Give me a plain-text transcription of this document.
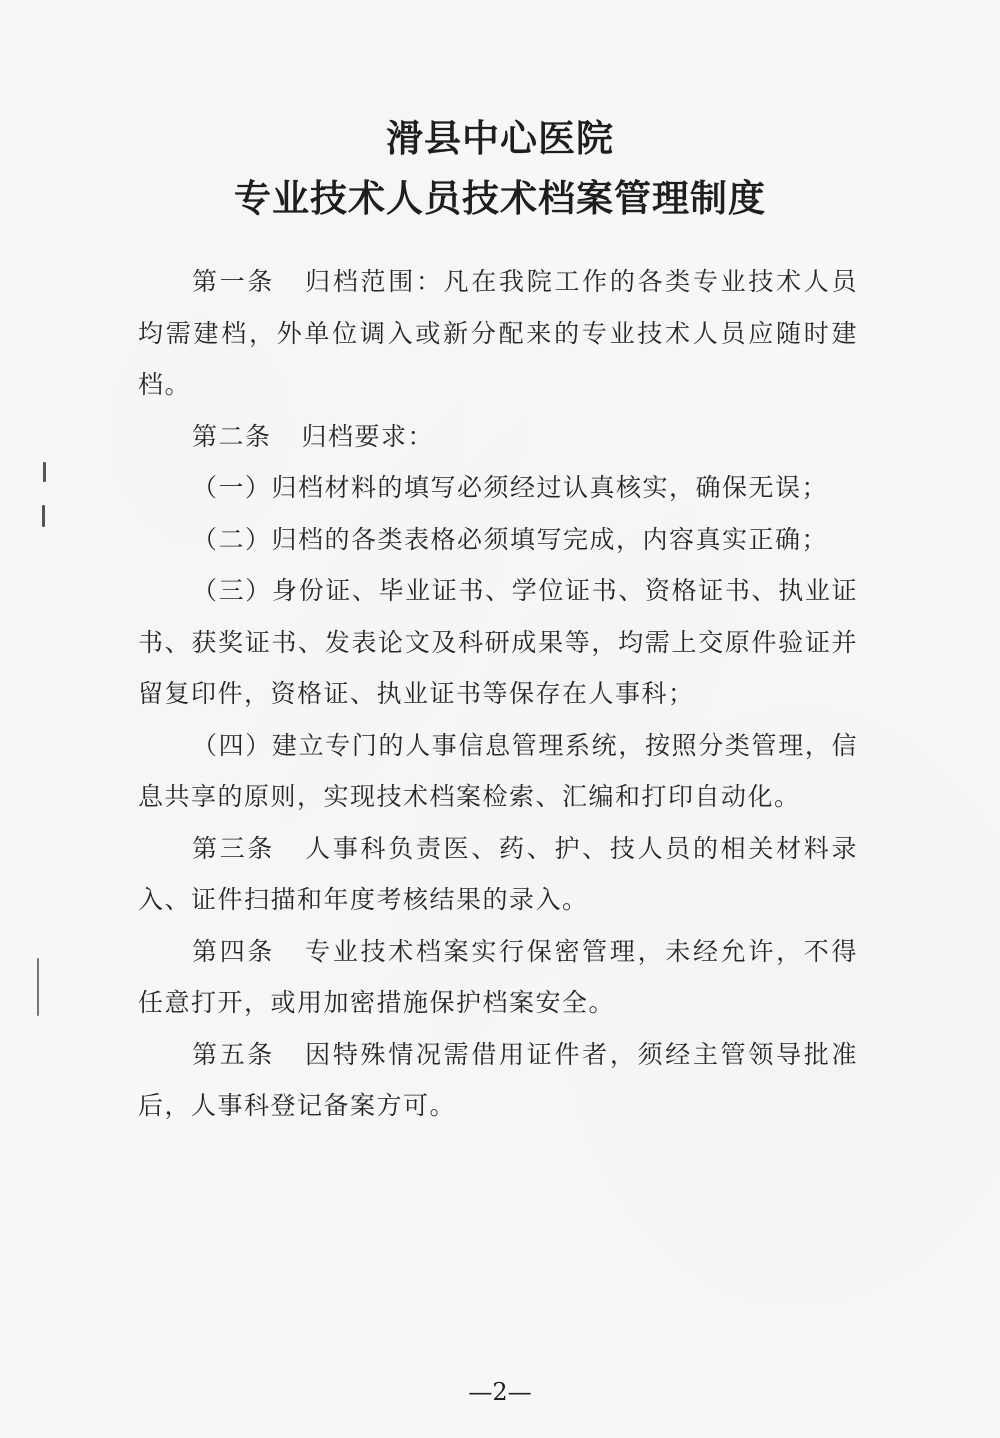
滑县中心医院
专业技术人员技术档案管理制度

第一条 归档范围：凡在我院工作的各类专业技术人员均需建档，外单位调入或新分配来的专业技术人员应随时建档。

第二条 归档要求：

（一）归档材料的填写必须经过认真核实，确保无误；

（二）归档的各类表格必须填写完成，内容真实正确；

（三）身份证、毕业证书、学位证书、资格证书、执业证书、获奖证书、发表论文及科研成果等，均需上交原件验证并留复印件，资格证、执业证书等保存在人事科；

（四）建立专门的人事信息管理系统，按照分类管理，信息共享的原则，实现技术档案检索、汇编和打印自动化。

第三条 人事科负责医、药、护、技人员的相关材料录入、证件扫描和年度考核结果的录入。

第四条 专业技术档案实行保密管理，未经允许，不得任意打开，或用加密措施保护档案安全。

第五条 因特殊情况需借用证件者，须经主管领导批准后，人事科登记备案方可。

—2—
